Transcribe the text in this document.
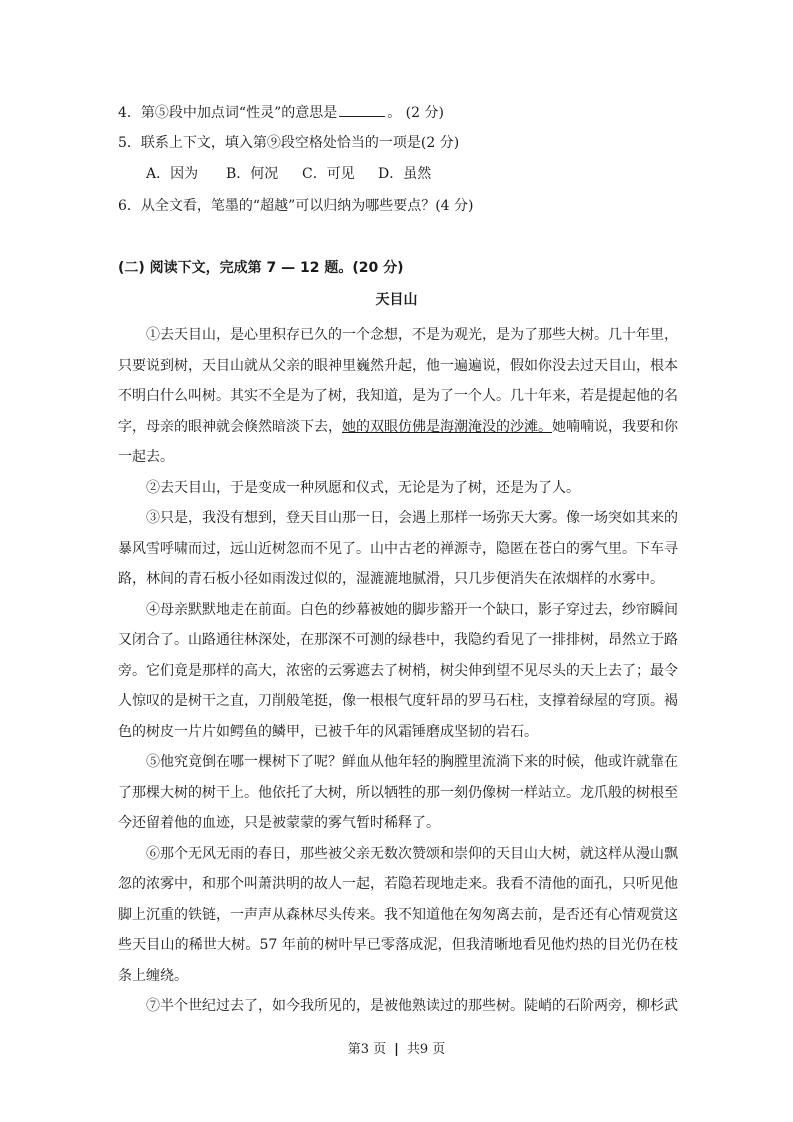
4．第⑤段中加点词“性灵”的意思是	。 (2 分)
5．联系上下文，填入第⑨段空格处恰当的一项是(2 分)
A．因为 B．何况 C．可见 D．虽然
6．从全文看，笔墨的“超越”可以归纳为哪些要点？(4 分)
(二) 阅读下文，完成第 7 — 12 题。(20 分)
天目山

①去天目山，是心里积存已久的一个念想，不是为观光，是为了那些大树。几十年里，只要说到树，天目山就从父亲的眼神里巍然升起，他一遍遍说，假如你没去过天目山，根本不明白什么叫树。其实不全是为了树，我知道，是为了一个人。几十年来，若是提起他的名字，母亲的眼神就会倏然暗淡下去，她的双眼仿佛是海潮淹没的沙滩。她喃喃说，我要和你一起去。

②去天目山，于是变成一种夙愿和仪式，无论是为了树，还是为了人。

③只是，我没有想到，登天目山那一日，会遇上那样一场弥天大雾。像一场突如其来的暴风雪呼啸而过，远山近树忽而不见了。山中古老的禅源寺，隐匿在苍白的雾气里。下车寻路，林间的青石板小径如雨泼过似的，湿漉漉地腻滑，只几步便消失在浓烟样的水雾中。

④母亲默默地走在前面。白色的纱幕被她的脚步豁开一个缺口，影子穿过去，纱帘瞬间又闭合了。山路通往林深处，在那深不可测的绿巷中，我隐约看见了一排排树，昂然立于路旁。它们竟是那样的高大，浓密的云雾遮去了树梢，树尖伸到望不见尽头的天上去了；最令人惊叹的是树干之直，刀削般笔挺，像一根根气度轩昂的罗马石柱，支撑着绿屋的穹顶。褐色的树皮一片片如鳄鱼的鳞甲，已被千年的风霜锤磨成坚韧的岩石。

⑤他究竟倒在哪一棵树下了呢？鲜血从他年轻的胸膛里流淌下来的时候，他或许就靠在了那棵大树的树干上。他依托了大树，所以牺牲的那一刻仍像树一样站立。龙爪般的树根至今还留着他的血迹，只是被蒙蒙的雾气暂时稀释了。

⑥那个无风无雨的春日，那些被父亲无数次赞颂和崇仰的天目山大树，就这样从漫山飘忽的浓雾中，和那个叫萧洪明的故人一起，若隐若现地走来。我看不清他的面孔，只听见他脚上沉重的铁链，一声声从森林尽头传来。我不知道他在匆匆离去前，是否还有心情观赏这些天目山的稀世大树。57 年前的树叶早已零落成泥，但我清晰地看见他灼热的目光仍在枝条上缠绕。

⑦半个世纪过去了，如今我所见的，是被他熟读过的那些树。陡峭的石阶两旁，柳杉武

第3 页 | 共9 页
